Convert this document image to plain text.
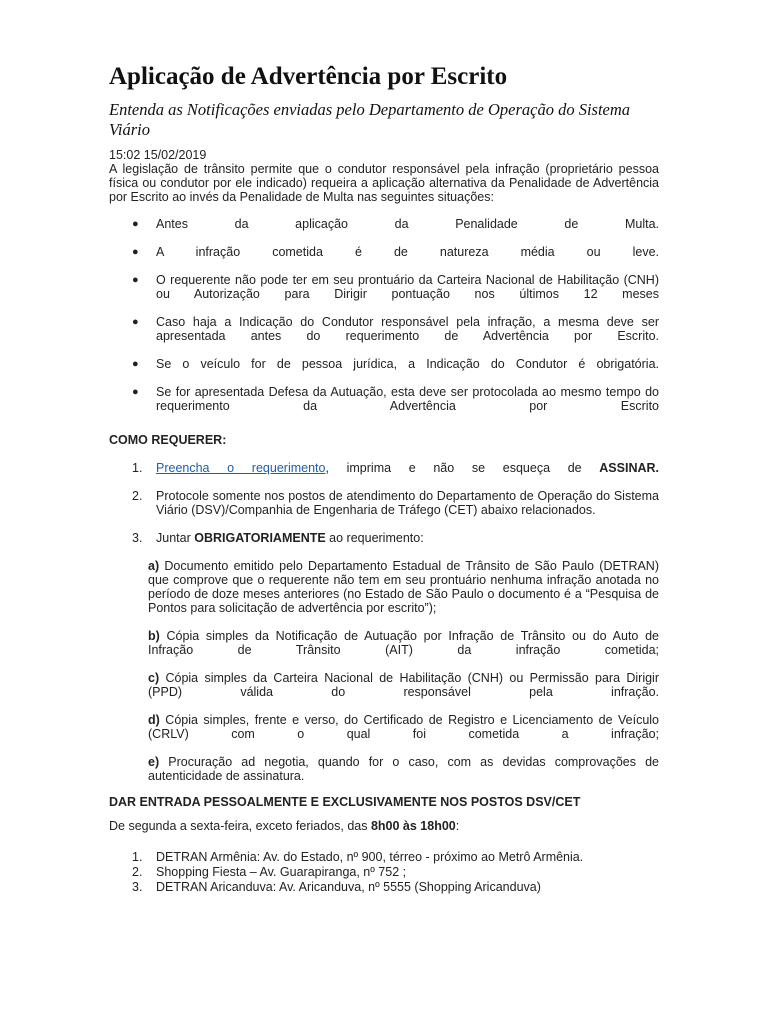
Aplicação de Advertência por Escrito
Entenda as Notificações enviadas pelo Departamento de Operação do Sistema Viário
15:02 15/02/2019
A legislação de trânsito permite que o condutor responsável pela infração (proprietário pessoa física ou condutor por ele indicado) requeira a aplicação alternativa da Penalidade de Advertência por Escrito ao invés da Penalidade de Multa nas seguintes situações:
● Antes da aplicação da Penalidade de Multa.
● A infração cometida é de natureza média ou leve.
● O requerente não pode ter em seu prontuário da Carteira Nacional de Habilitação (CNH) ou Autorização para Dirigir pontuação nos últimos 12 meses
● Caso haja a Indicação do Condutor responsável pela infração, a mesma deve ser apresentada antes do requerimento de Advertência por Escrito.
● Se o veículo for de pessoa jurídica, a Indicação do Condutor é obrigatória.
● Se for apresentada Defesa da Autuação, esta deve ser protocolada ao mesmo tempo do requerimento da Advertência por Escrito
COMO REQUERER:
1. Preencha o requerimento, imprima e não se esqueça de ASSINAR.
2. Protocole somente nos postos de atendimento do Departamento de Operação do Sistema Viário (DSV)/Companhia de Engenharia de Tráfego (CET) abaixo relacionados.
3. Juntar OBRIGATORIAMENTE ao requerimento:
a) Documento emitido pelo Departamento Estadual de Trânsito de São Paulo (DETRAN) que comprove que o requerente não tem em seu prontuário nenhuma infração anotada no período de doze meses anteriores (no Estado de São Paulo o documento é a “Pesquisa de Pontos para solicitação de advertência por escrito”);
b) Cópia simples da Notificação de Autuação por Infração de Trânsito ou do Auto de Infração de Trânsito (AIT) da infração cometida;
c) Cópia simples da Carteira Nacional de Habilitação (CNH) ou Permissão para Dirigir (PPD) válida do responsável pela infração.
d) Cópia simples, frente e verso, do Certificado de Registro e Licenciamento de Veículo (CRLV) com o qual foi cometida a infração;
e) Procuração ad negotia, quando for o caso, com as devidas comprovações de autenticidade de assinatura.
DAR ENTRADA PESSOALMENTE E EXCLUSIVAMENTE NOS POSTOS DSV/CET
De segunda a sexta-feira, exceto feriados, das 8h00 às 18h00:
1. DETRAN Armênia: Av. do Estado, nº 900, térreo - próximo ao Metrô Armênia.
2. Shopping Fiesta – Av. Guarapiranga, nº 752 ;
3. DETRAN Aricanduva: Av. Aricanduva, nº 5555 (Shopping Aricanduva)
